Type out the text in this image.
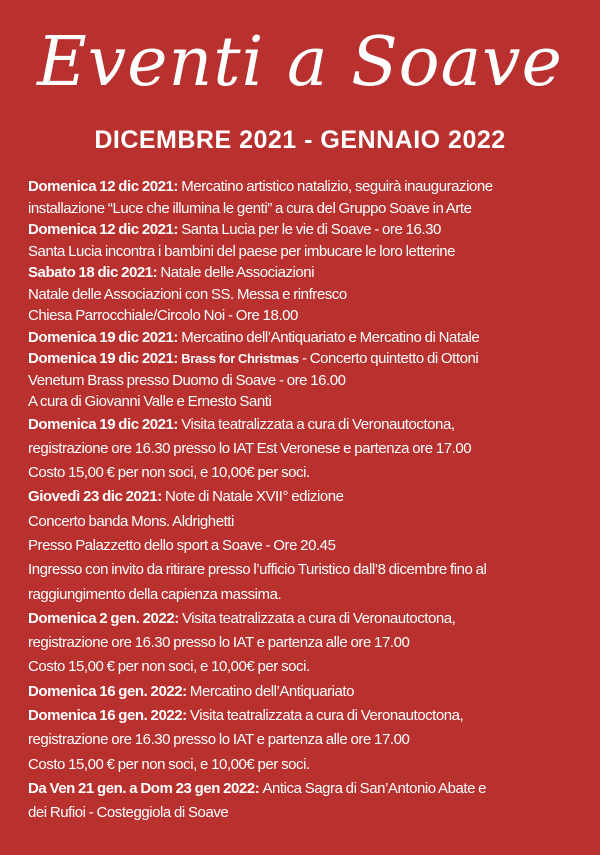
Eventi a Soave
DICEMBRE 2021 - GENNAIO 2022
Domenica 12 dic 2021: Mercatino artistico natalizio, seguirà inaugurazione
installazione “Luce che illumina le genti” a cura del Gruppo Soave in Arte
Domenica 12 dic 2021: Santa Lucia per le vie di Soave - ore 16.30
Santa Lucia incontra i bambini del paese per imbucare le loro letterine
Sabato 18 dic 2021: Natale delle Associazioni
Natale delle Associazioni con SS. Messa e rinfresco
Chiesa Parrocchiale/Circolo Noi - Ore 18.00
Domenica 19 dic 2021: Mercatino dell’Antiquariato e Mercatino di Natale
Domenica 19 dic 2021: Brass for Christmas - Concerto quintetto di Ottoni
Venetum Brass presso Duomo di Soave - ore 16.00
A cura di Giovanni Valle e Ernesto Santi
Domenica 19 dic 2021: Visita teatralizzata a cura di Veronautoctona,
registrazione ore 16.30 presso lo IAT Est Veronese e partenza ore 17.00
Costo 15,00 € per non soci, e 10,00€ per soci.
Giovedì 23 dic 2021: Note di Natale XVII° edizione
Concerto banda Mons. Aldrighetti
Presso Palazzetto dello sport a Soave - Ore 20.45
Ingresso con invito da ritirare presso l’ufficio Turistico dall’8 dicembre fino al
raggiungimento della capienza massima.
Domenica 2 gen. 2022: Visita teatralizzata a cura di Veronautoctona,
registrazione ore 16.30 presso lo IAT e partenza alle ore 17.00
Costo 15,00 € per non soci, e 10,00€ per soci.
Domenica 16 gen. 2022: Mercatino dell’Antiquariato
Domenica 16 gen. 2022: Visita teatralizzata a cura di Veronautoctona,
registrazione ore 16.30 presso lo IAT e partenza alle ore 17.00
Costo 15,00 € per non soci, e 10,00€ per soci.
Da Ven 21 gen. a Dom 23 gen 2022: Antica Sagra di San’Antonio Abate e
dei Rufioi - Costeggiola di Soave
